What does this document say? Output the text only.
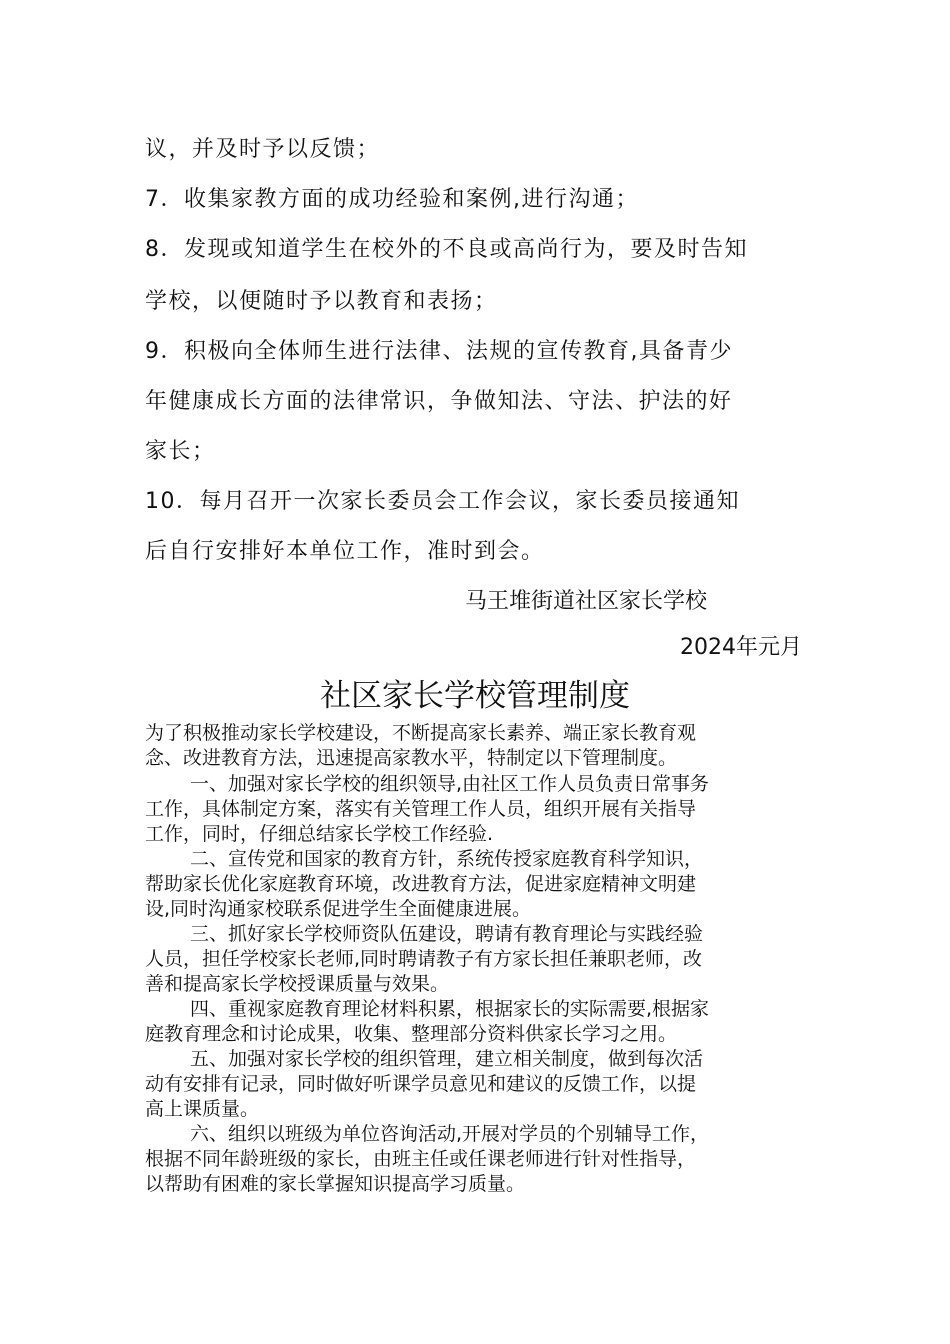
议，并及时予以反馈；
7．收集家教方面的成功经验和案例,进行沟通；
8．发现或知道学生在校外的不良或高尚行为，要及时告知
学校，以便随时予以教育和表扬；
9．积极向全体师生进行法律、法规的宣传教育,具备青少
年健康成长方面的法律常识，争做知法、守法、护法的好
家长；
10．每月召开一次家长委员会工作会议，家长委员接通知
后自行安排好本单位工作，准时到会。
马王堆街道社区家长学校
2024年元月
社区家长学校管理制度
为了积极推动家长学校建设，不断提高家长素养、端正家长教育观
念、改进教育方法，迅速提高家教水平，特制定以下管理制度。
一、加强对家长学校的组织领导,由社区工作人员负责日常事务
工作，具体制定方案，落实有关管理工作人员，组织开展有关指导
工作，同时，仔细总结家长学校工作经验.
二、宣传党和国家的教育方针，系统传授家庭教育科学知识，
帮助家长优化家庭教育环境，改进教育方法，促进家庭精神文明建
设,同时沟通家校联系促进学生全面健康进展。
三、抓好家长学校师资队伍建设，聘请有教育理论与实践经验
人员，担任学校家长老师,同时聘请教子有方家长担任兼职老师，改
善和提高家长学校授课质量与效果。
四、重视家庭教育理论材料积累，根据家长的实际需要,根据家
庭教育理念和讨论成果，收集、整理部分资料供家长学习之用。
五、加强对家长学校的组织管理，建立相关制度，做到每次活
动有安排有记录，同时做好听课学员意见和建议的反馈工作，以提
高上课质量。
六、组织以班级为单位咨询活动,开展对学员的个别辅导工作，
根据不同年龄班级的家长，由班主任或任课老师进行针对性指导，
以帮助有困难的家长掌握知识提高学习质量。
